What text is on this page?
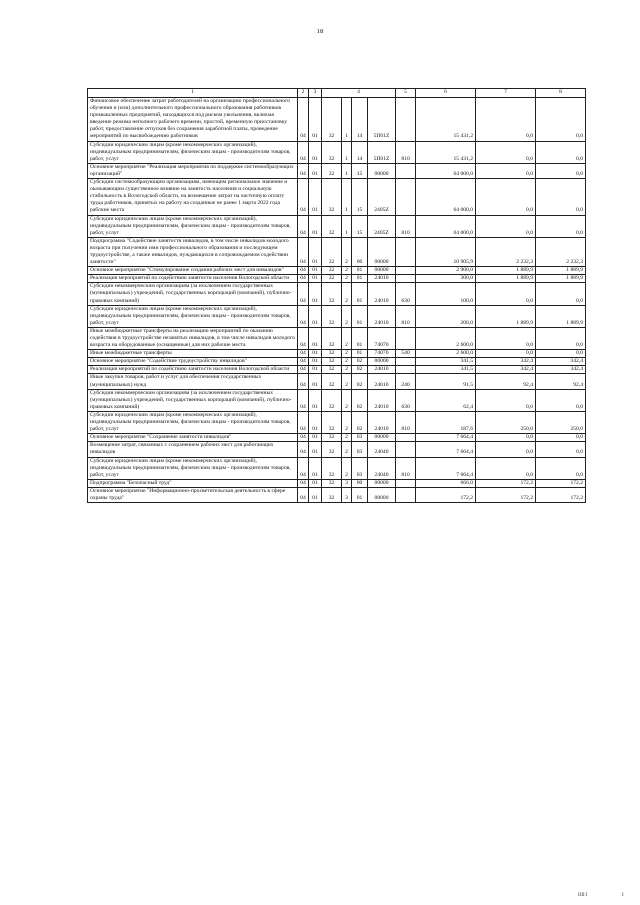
18
1	2	3	4				5	6	7	8
Финансовое обеспечение затрат работодателей на организацию профессионального обучения и (или) дополнительного профессионального образования работников промышленных предприятий, находящихся под риском увольнения, включая введение режима неполного рабочего времени, простой, временную приостановку работ, предоставление отпусков без сохранения заработной платы, проведение мероприятий по высвобождению работников	04	01	32	1	14	5П01Z		15 431,2	0,0	0,0
Субсидии юридическим лицам (кроме некоммерческих организаций), индивидуальным предпринимателям, физическим лицам - производителям товаров, работ, услуг	04	01	32	1	14	5П01Z	810	15 431,2	0,0	0,0
Основное мероприятие "Реализация мероприятия по поддержке системообразующих организаций"	04	01	32	1	15	00000		64 000,0	0,0	0,0
Субсидии системообразующим организациям, имеющим региональное значение и оказывающим существенное влияние на занятость населения и социальную стабильность в Вологодской области, на возмещение затрат на частичную оплату труда работников, принятых на работу на созданные не ранее 1 марта 2022 года рабочие места	04	01	32	1	15	2405Z		64 000,0	0,0	0,0
Субсидии юридическим лицам (кроме некоммерческих организаций), индивидуальным предпринимателям, физическим лицам - производителям товаров, работ, услуг	04	01	32	1	15	2405Z	810	64 000,0	0,0	0,0
Подпрограмма "Содействие занятости инвалидов, в том числе инвалидов молодого возраста при получении ими профессионального образования и последующем трудоустройстве, а также инвалидов, нуждающихся в сопровождаемом содействии занятости"	04	01	32	2	00	00000		10 905,9	2 232,3	2 232,3
Основное мероприятие "Стимулирование создания рабочих мест для инвалидов"	04	01	32	2	01	00000		2 900,0	1 889,9	1 889,9
Реализация мероприятий по содействию занятости населения Вологодской области	04	01	32	2	01	24010		300,0	1 889,9	1 889,9
Субсидии некоммерческим организациям (за исключением государственных (муниципальных) учреждений, государственных корпораций (компаний), публично-правовых компаний)	04	01	32	2	01	24010	630	100,0	0,0	0,0
Субсидии юридическим лицам (кроме некоммерческих организаций), индивидуальным предпринимателям, физическим лицам - производителям товаров, работ, услуг	04	01	32	2	01	24010	810	200,0	1 889,9	1 889,9
Иные межбюджетные трансферты на реализацию мероприятий по оказанию содействия в трудоустройстве незанятых инвалидов, в том числе инвалидов молодого возраста на оборудованные (оснащенные) для них рабочие места	04	01	32	2	01	74070		2 600,0	0,0	0,0
Иные межбюджетные трансферты	04	01	32	2	01	74070	540	2 600,0	0,0	0,0
Основное мероприятие "Содействие трудоустройству инвалидов"	04	01	32	2	02	00000		341,5	342,4	342,4
Реализация мероприятий по содействию занятости населения Вологодской области	04	01	32	2	02	24010		341,5	342,4	342,4
Иные закупки товаров, работ и услуг для обеспечения государственных (муниципальных) нужд	04	01	32	2	02	24010	240	91,5	92,4	92,4
Субсидии некоммерческим организациям (за исключением государственных (муниципальных) учреждений, государственных корпораций (компаний), публично-правовых компаний)	04	01	32	2	02	24010	630	62,4	0,0	0,0
Субсидии юридическим лицам (кроме некоммерческих организаций), индивидуальным предпринимателям, физическим лицам - производителям товаров, работ, услуг	04	01	32	2	02	24010	810	187,6	250,0	250,0
Основное мероприятие "Сохранение занятости инвалидов"	04	01	32	2	03	00000		7 664,4	0,0	0,0
Возмещение затрат, связанных с сохранением рабочих мест для работающих инвалидов	04	01	32	2	03	24040		7 664,4	0,0	0,0
Субсидии юридическим лицам (кроме некоммерческих организаций), индивидуальным предпринимателям, физическим лицам - производителям товаров, работ, услуг	04	01	32	2	03	24040	810	7 664,4	0,0	0,0
Подпрограмма "Безопасный труд"	04	01	32	3	00	00000		666,0	172,2	172,2
Основное мероприятие "Информационно-просветительская деятельность в сфере охраны труда"	04	01	32	3	01	00000		172,2	172,2	172,2
IIII I	I
